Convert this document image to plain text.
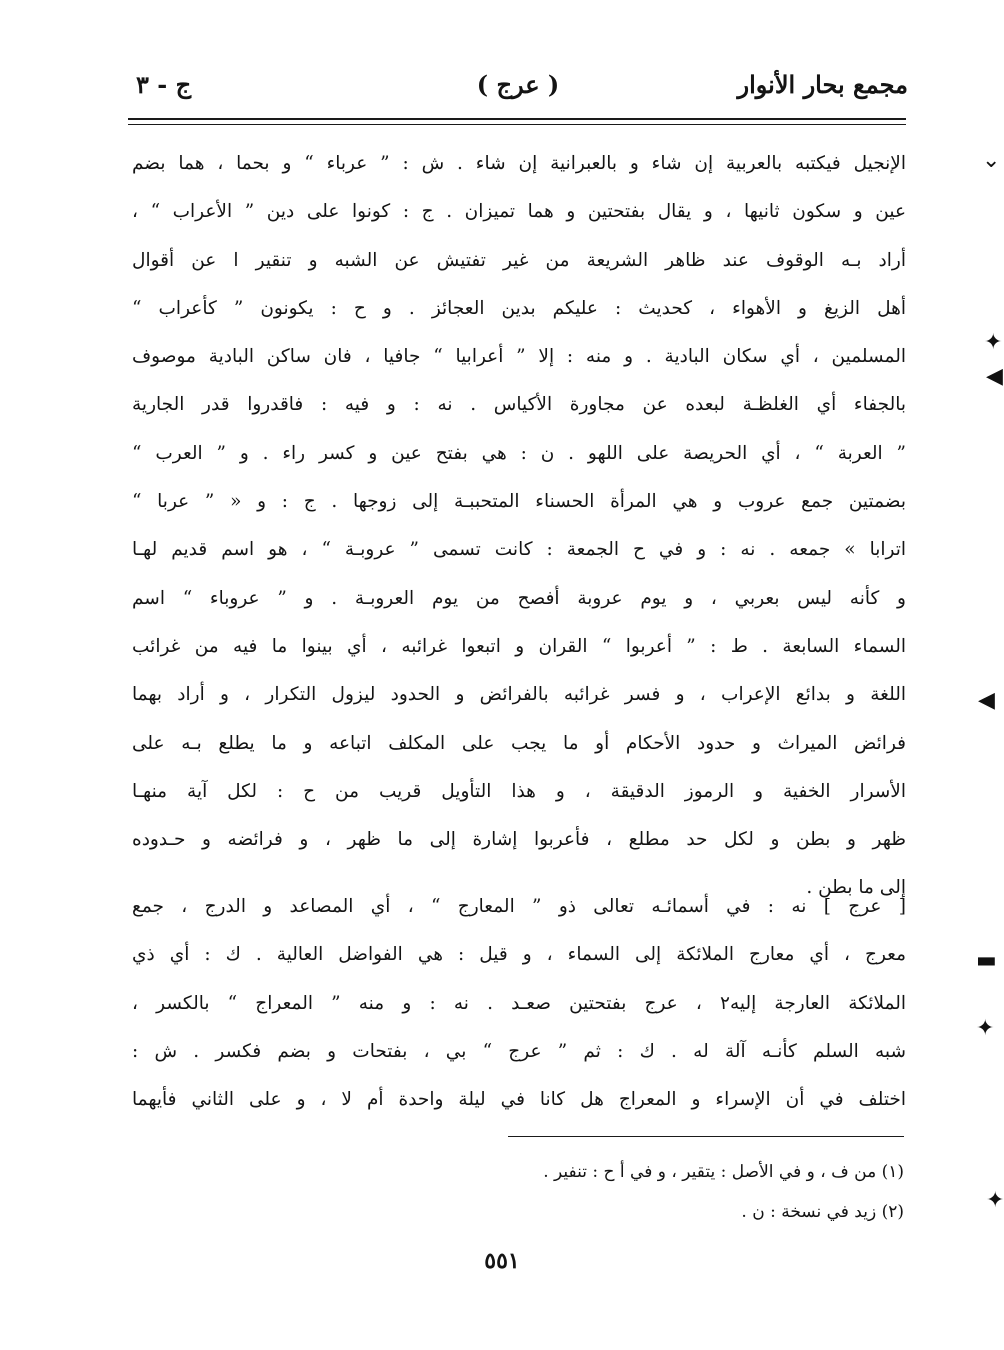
مجمع بحار الأنوار
( عرج )
ج - ٣
الإنجيل فيكتبه بالعربية إن شاء و بالعبرانية إن شاء . ش : ” عرباء “ و بحما ، هما بضم
عين و سكون ثانيها ، و يقال بفتحتين و هما تميزان . ج : كونوا على دين ” الأعراب “ ،
أراد بـه الوقوف عند ظاهر الشريعة من غير تفتيش عن الشبه و تنقير ا عن أقوال
أهل الزيغ و الأهواء ، كحديث : عليكم بدين العجائز . و ح : يكونون ” كأعراب “
المسلمين ، أي سكان البادية . و منه : إلا ” أعرابيا “ جافيا ، فان ساكن البادية موصوف
بالجفاء أي الغلظـة لبعده عن مجاورة الأكياس . نه : و فيه : فاقدروا قدر الجارية
” العربة “ ، أي الحريصة على اللهو . ن : هي بفتح عين و كسر راء . و ” العرب “
بضمتين جمع عروب و هي المرأة الحسناء المتحببـة إلى زوجها . ج : و « ” عربا “
اترابا » جمعه . نه : و في ح الجمعة : كانت تسمى ” عروبـة “ ، هو اسم قديم لهـا
و كأنه ليس بعربي ، و يوم عروبة أفصح من يوم العروبـة . و ” عروباء “ اسم
السماء السابعة . ط : ” أعربوا “ القران و اتبعوا غرائبه ، أي بينوا ما فيه من غرائب
اللغة و بدائع الإعراب ، و فسر غرائبه بالفرائض و الحدود ليزول التكرار ، و أراد بهما
فرائض الميراث و حدود الأحكام أو ما يجب على المكلف اتباعه و ما يطلع بـه على
الأسرار الخفية و الرموز الدقيقة ، و هذا التأويل قريب من ح : لكل آية منهـا
ظهر و بطن و لكل حد مطلع ، فأعربوا إشارة إلى ما ظهر ، و فرائضه و حـدوده
إلى ما بطن .
[ عرج ] نه : في أسمائـه تعالى ذو ” المعارج “ ، أي المصاعد و الدرج ، جمع
معرج ، أي معارج الملائكة إلى السماء ، و قيل : هي الفواضل العالية . ك : أي ذي
الملائكة العارجة إليه٢ ، عرج بفتحتين صعـد . نه : و منه ” المعراج “ بالكسر ،
شبه السلم كأنـه آلة له . ك : ثم ” عرج “ بي ، بفتحات و بضم فكسر . ش :
اختلف في أن الإسراء و المعراج هل كانا في ليلة واحدة أم لا ، و على الثاني فأيهما
(١) من ف ، و في الأصل : يتقير ، و في أ ح : تنفير .
(٢) زيد في نسخة : ن .
٥٥١
⌄
✦
◀
◀
▬
✦
✦
